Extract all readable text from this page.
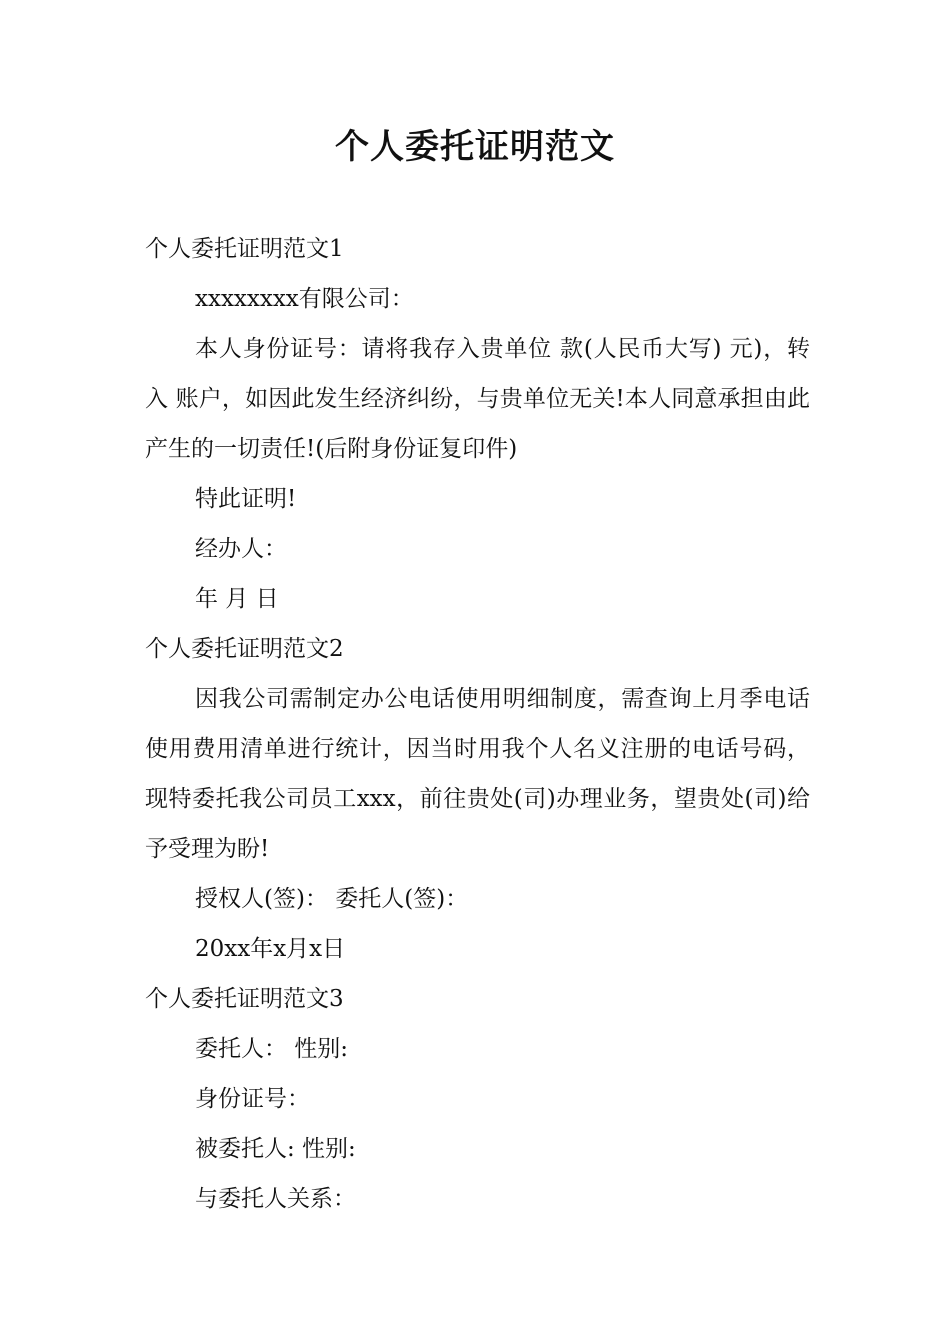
个人委托证明范文
个人委托证明范文1
xxxxxxxx有限公司：
本人身份证号：请将我存入贵单位 款(人民币大写) 元)，转入 账户，如因此发生经济纠纷，与贵单位无关!本人同意承担由此产生的一切责任!(后附身份证复印件)
特此证明!
经办人：
年 月 日
个人委托证明范文2
因我公司需制定办公电话使用明细制度，需查询上月季电话使用费用清单进行统计，因当时用我个人名义注册的电话号码，现特委托我公司员工xxx，前往贵处(司)办理业务，望贵处(司)给予受理为盼!
授权人(签)： 委托人(签)：
20xx年x月x日
个人委托证明范文3
委托人： 性别:
身份证号：
被委托人: 性别:
与委托人关系：
